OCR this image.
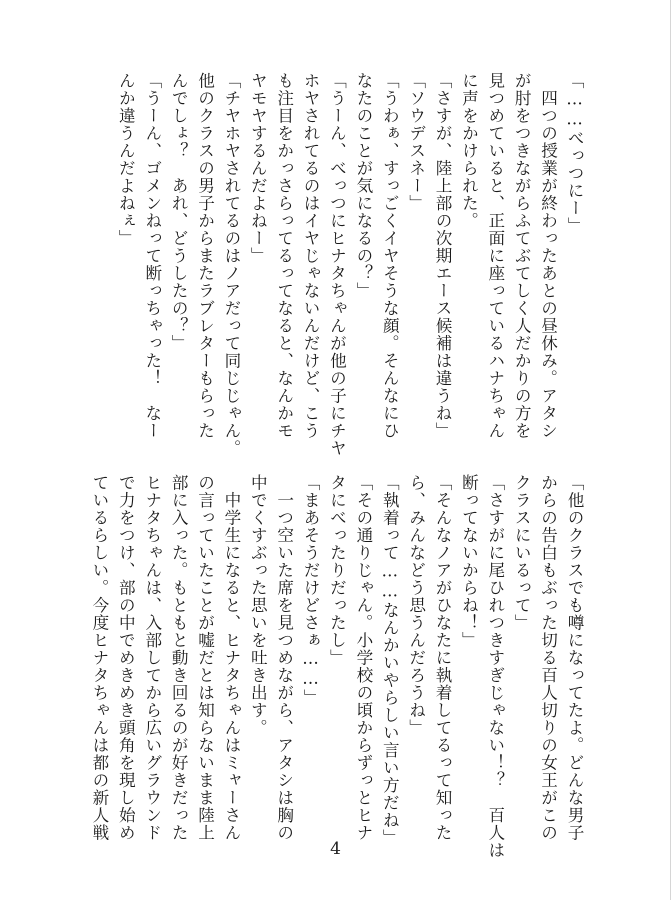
「……べっつにー」
　四つの授業が終わったあとの昼休み。アタシ
が肘をつきながらふてぶてしく人だかりの方を
見つめていると、正面に座っているハナちゃん
に声をかけられた。
「さすが、陸上部の次期エース候補は違うね」
「ソウデスネー」
「うわぁ、すっごくイヤそうな顔。そんなにひ
なたのことが気になるの？」
「うーん、べっつにヒナタちゃんが他の子にチヤ
ホヤされてるのはイヤじゃないんだけど、こう
も注目をかっさらってるってなると、なんかモ
ヤモヤするんだよねー」
「チヤホヤされてるのはノアだって同じじゃん。
他のクラスの男子からまたラブレターもらった
んでしょ？　あれ、どうしたの？」
「うーん、ゴメンねって断っちゃった！　なー
んか違うんだよねぇ」
「他のクラスでも噂になってたよ。どんな男子
からの告白もぶった切る百人切りの女王がこの
クラスにいるって」
「さすがに尾ひれつきすぎじゃない！？　百人は
断ってないからね！」
「そんなノアがひなたに執着してるって知った
ら、みんなどう思うんだろうね」
「執着って……なんかいやらしい言い方だね」
「その通りじゃん。小学校の頃からずっとヒナ
タにべったりだったし」
「まあそうだけどさぁ……」
　一つ空いた席を見つめながら、アタシは胸の
中でくすぶった思いを吐き出す。
　中学生になると、ヒナタちゃんはミャーさん
の言っていたことが嘘だとは知らないまま陸上
部に入った。もともと動き回るのが好きだった
ヒナタちゃんは、入部してから広いグラウンド
で力をつけ、部の中でめきめき頭角を現し始め
ているらしい。今度ヒナタちゃんは都の新人戦
4
